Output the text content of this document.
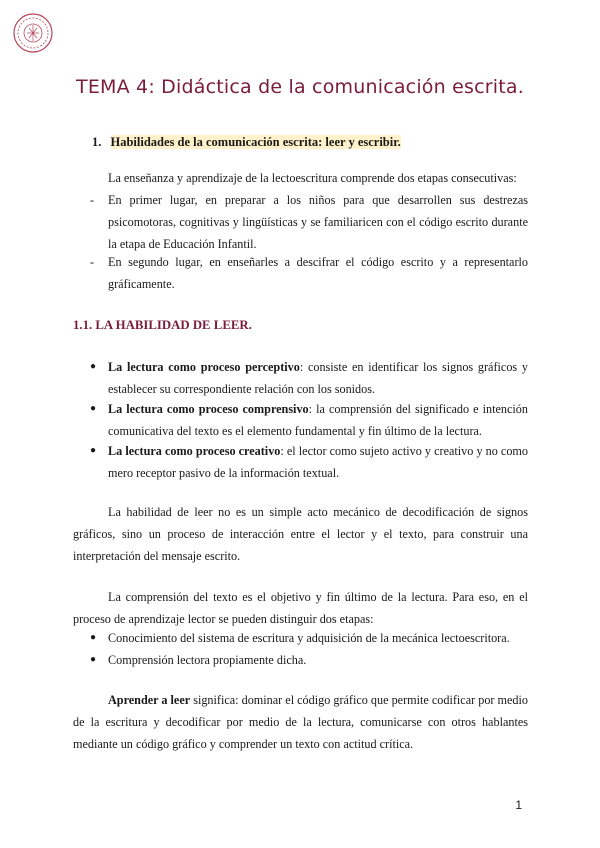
TEMA 4: Didáctica de la comunicación escrita.
1. Habilidades de la comunicación escrita: leer y escribir.
La enseñanza y aprendizaje de la lectoescritura comprende dos etapas consecutivas:
- En primer lugar, en preparar a los niños para que desarrollen sus destrezas psicomotoras, cognitivas y lingüísticas y se familiaricen con el código escrito durante la etapa de Educación Infantil.
- En segundo lugar, en enseñarles a descifrar el código escrito y a representarlo gráficamente.
1.1. LA HABILIDAD DE LEER.
● La lectura como proceso perceptivo: consiste en identificar los signos gráficos y establecer su correspondiente relación con los sonidos.
● La lectura como proceso comprensivo: la comprensión del significado e intención comunicativa del texto es el elemento fundamental y fin último de la lectura.
● La lectura como proceso creativo: el lector como sujeto activo y creativo y no como mero receptor pasivo de la información textual.
La habilidad de leer no es un simple acto mecánico de decodificación de signos gráficos, sino un proceso de interacción entre el lector y el texto, para construir una interpretación del mensaje escrito.
La comprensión del texto es el objetivo y fin último de la lectura. Para eso, en el proceso de aprendizaje lector se pueden distinguir dos etapas:
● Conocimiento del sistema de escritura y adquisición de la mecánica lectoescritora.
● Comprensión lectora propiamente dicha.
Aprender a leer significa: dominar el código gráfico que permite codificar por medio de la escritura y decodificar por medio de la lectura, comunicarse con otros hablantes mediante un código gráfico y comprender un texto con actitud crítica.
1
